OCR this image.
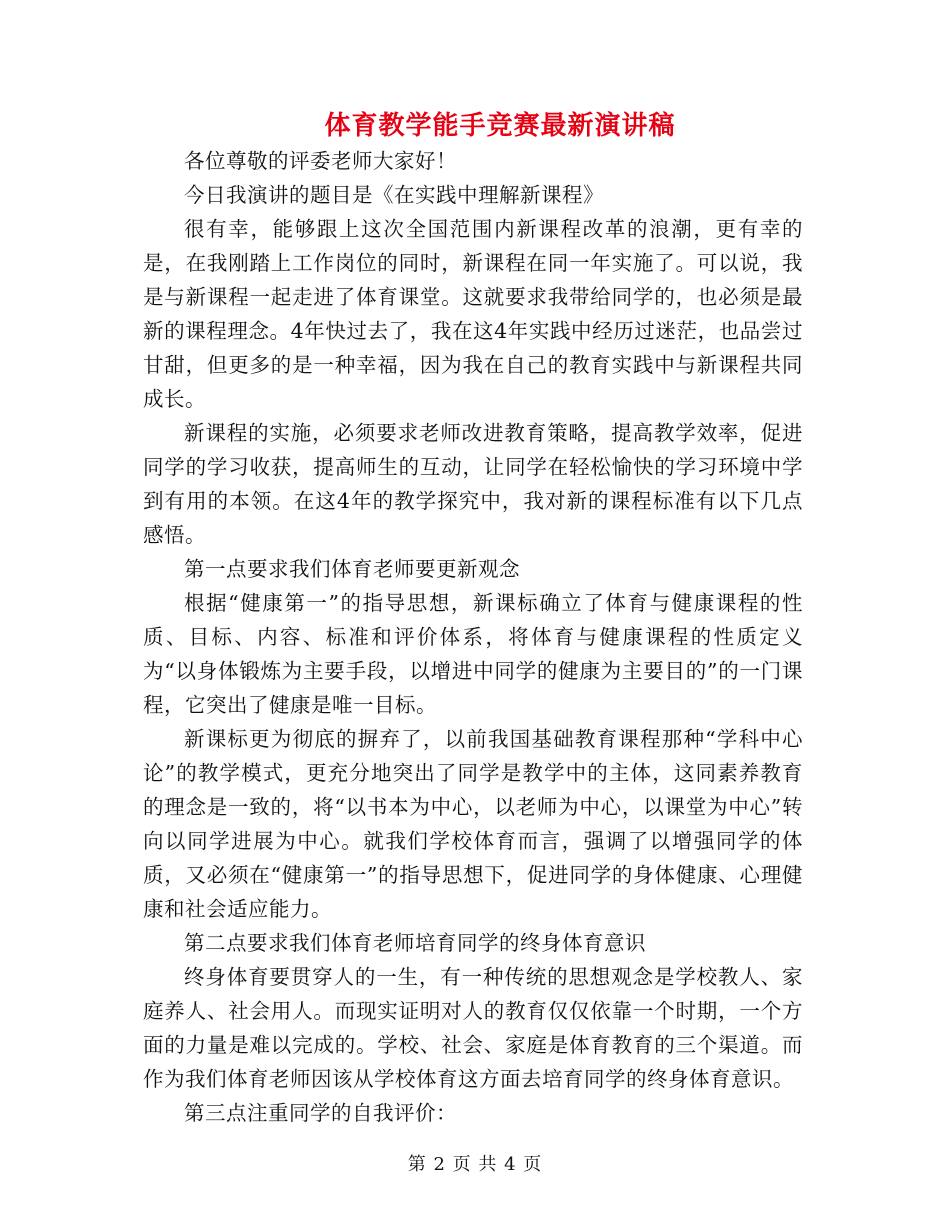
体育教学能手竞赛最新演讲稿

各位尊敬的评委老师大家好！

今日我演讲的题目是《在实践中理解新课程》

很有幸，能够跟上这次全国范围内新课程改革的浪潮，更有幸的是，在我刚踏上工作岗位的同时，新课程在同一年实施了。可以说，我是与新课程一起走进了体育课堂。这就要求我带给同学的，也必须是最新的课程理念。4年快过去了，我在这4年实践中经历过迷茫，也品尝过甘甜，但更多的是一种幸福，因为我在自己的教育实践中与新课程共同成长。

新课程的实施，必须要求老师改进教育策略，提高教学效率，促进同学的学习收获，提高师生的互动，让同学在轻松愉快的学习环境中学到有用的本领。在这4年的教学探究中，我对新的课程标准有以下几点感悟。

第一点要求我们体育老师要更新观念

根据“健康第一”的指导思想，新课标确立了体育与健康课程的性质、目标、内容、标准和评价体系，将体育与健康课程的性质定义为“以身体锻炼为主要手段，以增进中同学的健康为主要目的”的一门课程，它突出了健康是唯一目标。

新课标更为彻底的摒弃了，以前我国基础教育课程那种“学科中心论”的教学模式，更充分地突出了同学是教学中的主体，这同素养教育的理念是一致的，将“以书本为中心，以老师为中心，以课堂为中心”转向以同学进展为中心。就我们学校体育而言，强调了以增强同学的体质，又必须在“健康第一”的指导思想下，促进同学的身体健康、心理健康和社会适应能力。

第二点要求我们体育老师培育同学的终身体育意识

终身体育要贯穿人的一生，有一种传统的思想观念是学校教人、家庭养人、社会用人。而现实证明对人的教育仅仅依靠一个时期，一个方面的力量是难以完成的。学校、社会、家庭是体育教育的三个渠道。而作为我们体育老师因该从学校体育这方面去培育同学的终身体育意识。

第三点注重同学的自我评价：

第 2 页 共 4 页
